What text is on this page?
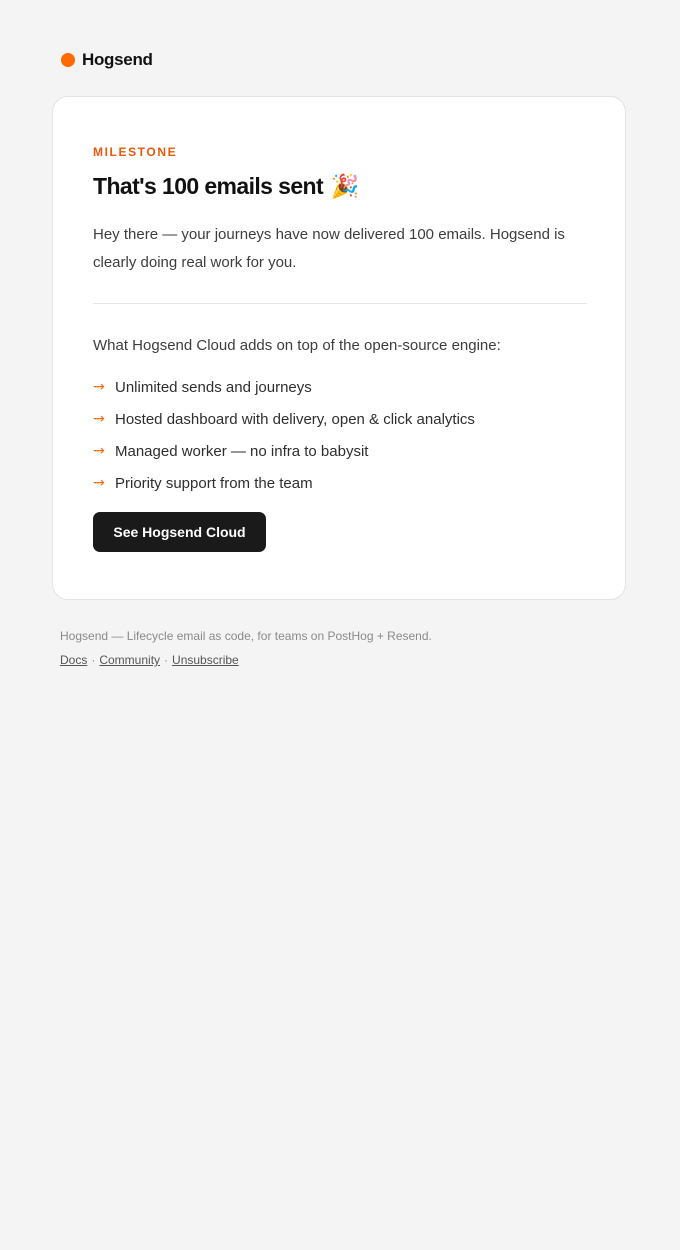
Hogsend
MILESTONE
That's 100 emails sent 🎉

Hey there — your journeys have now delivered 100 emails. Hogsend is clearly doing real work for you.

What Hogsend Cloud adds on top of the open-source engine:

→ Unlimited sends and journeys
→ Hosted dashboard with delivery, open & click analytics
→ Managed worker — no infra to babysit
→ Priority support from the team
See Hogsend Cloud
Hogsend — Lifecycle email as code, for teams on PostHog + Resend.
Docs · Community · Unsubscribe
